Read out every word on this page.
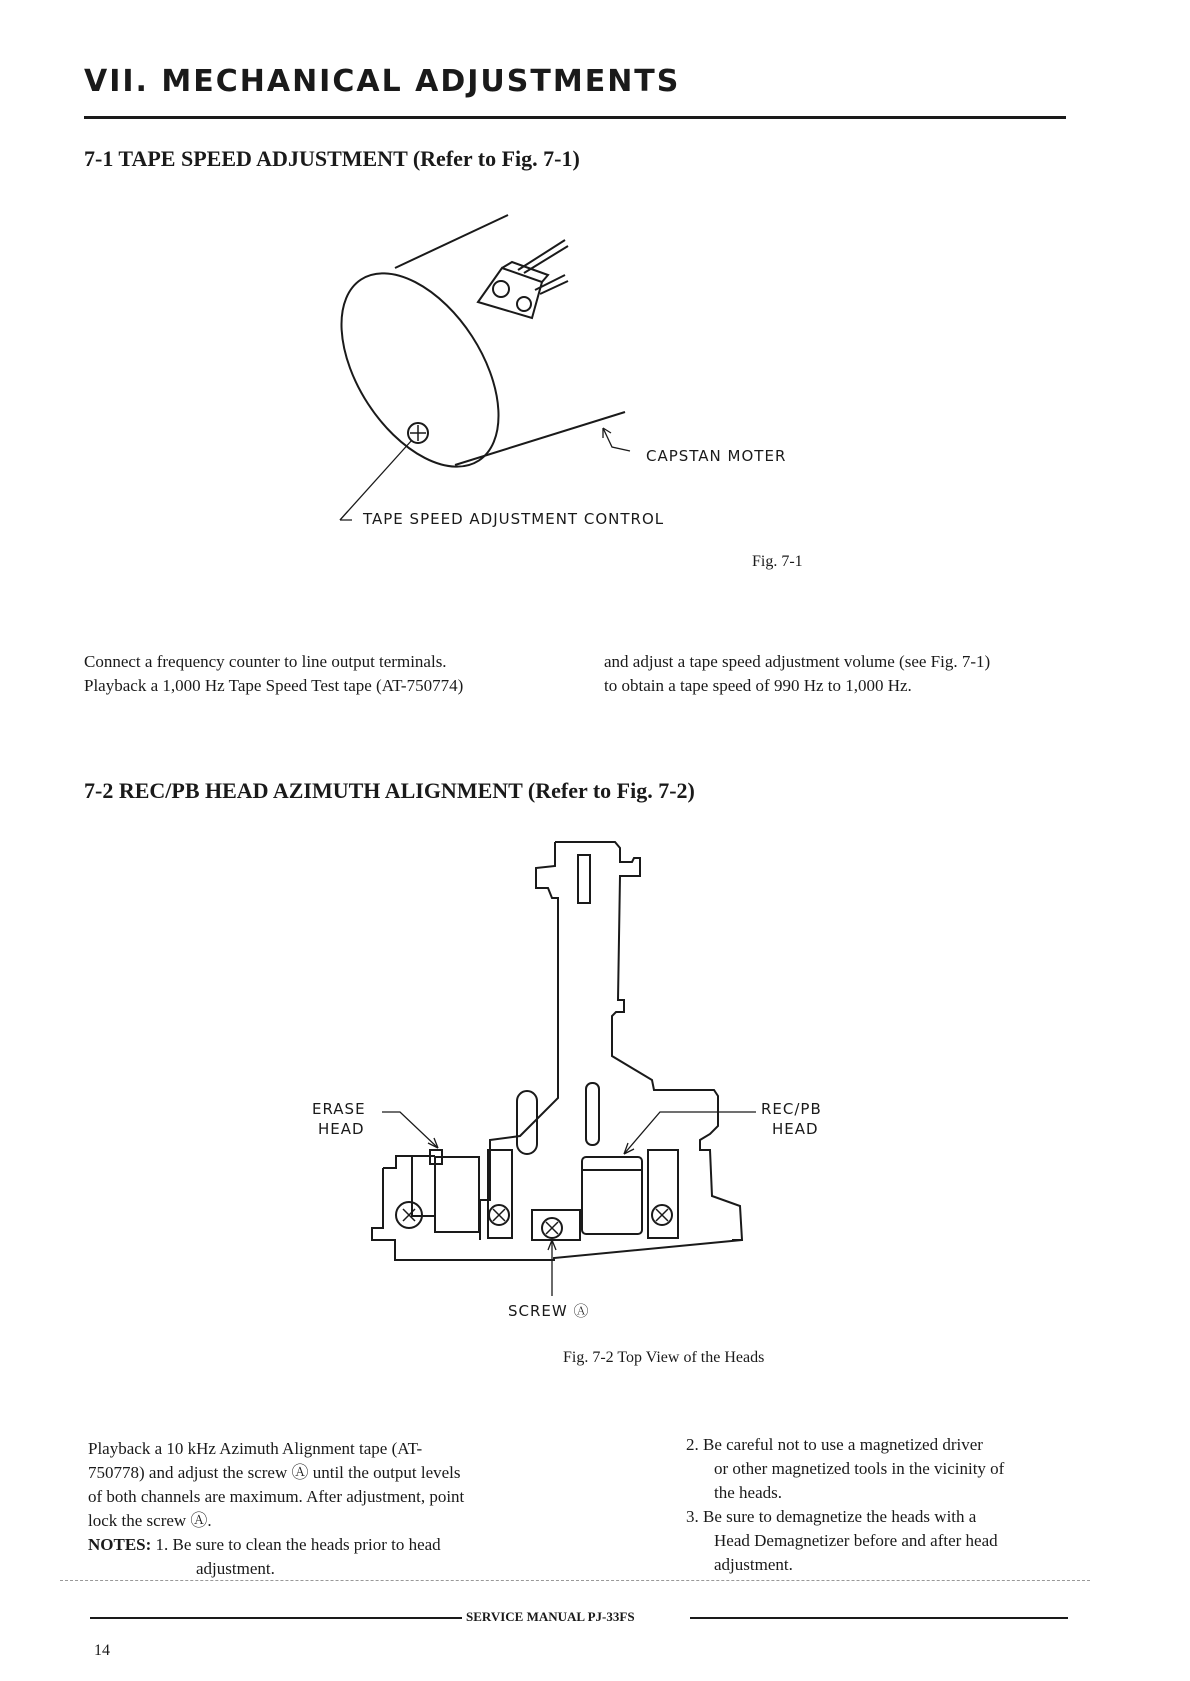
VII. MECHANICAL ADJUSTMENTS
7-1 TAPE SPEED ADJUSTMENT (Refer to Fig. 7-1)
CAPSTAN MOTER
TAPE SPEED ADJUSTMENT CONTROL
Fig. 7-1

Connect a frequency counter to line output terminals.

Playback a 1,000 Hz Tape Speed Test tape (AT-750774)

and adjust a tape speed adjustment volume (see Fig. 7-1)

to obtain a tape speed of 990 Hz to 1,000 Hz.

7-2 REC/PB HEAD AZIMUTH ALIGNMENT (Refer to Fig. 7-2)
ERASE
HEAD
REC/PB
HEAD
SCREW Ⓐ
Fig. 7-2 Top View of the Heads

Playback a 10 kHz Azimuth Alignment tape (AT-

750778) and adjust the screw Ⓐ until the output levels

of both channels are maximum. After adjustment, point

lock the screw Ⓐ.

NOTES: 1. Be sure to clean the heads prior to head

adjustment.

2. Be careful not to use a magnetized driver

or other magnetized tools in the vicinity of

the heads.

3. Be sure to demagnetize the heads with a

Head Demagnetizer before and after head

adjustment.

SERVICE MANUAL PJ-33FS
14
